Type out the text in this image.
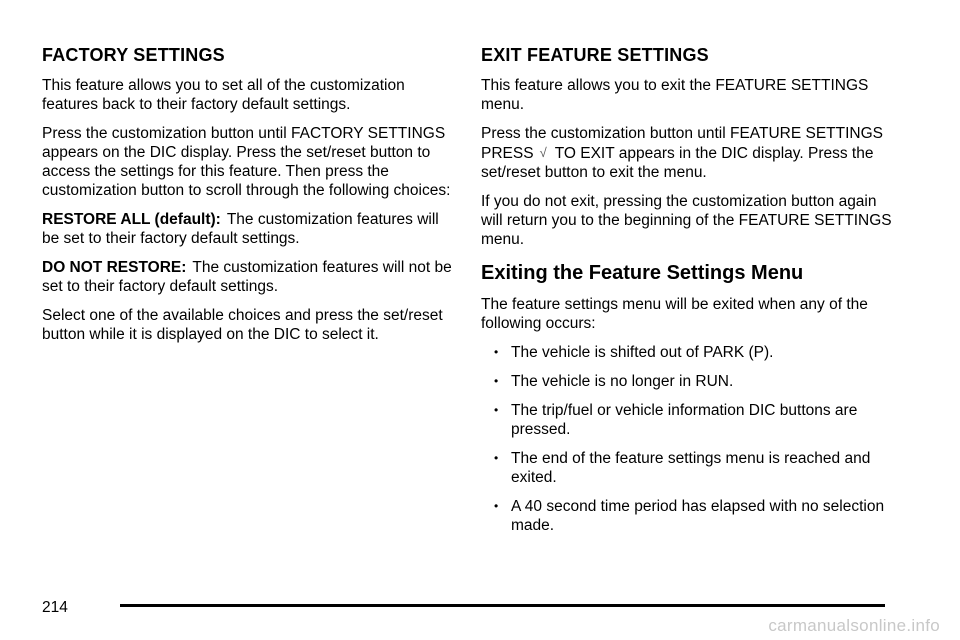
FACTORY SETTINGS

This feature allows you to set all of the customization features back to their factory default settings.

Press the customization button until FACTORY SETTINGS appears on the DIC display. Press the set/reset button to access the settings for this feature. Then press the customization button to scroll through the following choices:

RESTORE ALL (default): The customization features will be set to their factory default settings.

DO NOT RESTORE: The customization features will not be set to their factory default settings.

Select one of the available choices and press the set/reset button while it is displayed on the DIC to select it.

EXIT FEATURE SETTINGS

This feature allows you to exit the FEATURE SETTINGS menu.

Press the customization button until FEATURE SETTINGS PRESS √ TO EXIT appears in the DIC display. Press the set/reset button to exit the menu.

If you do not exit, pressing the customization button again will return you to the beginning of the FEATURE SETTINGS menu.

Exiting the Feature Settings Menu

The feature settings menu will be exited when any of the following occurs:

• The vehicle is shifted out of PARK (P).
• The vehicle is no longer in RUN.
• The trip/fuel or vehicle information DIC buttons are pressed.
• The end of the feature settings menu is reached and exited.
• A 40 second time period has elapsed with no selection made.
214
carmanualsonline.info
